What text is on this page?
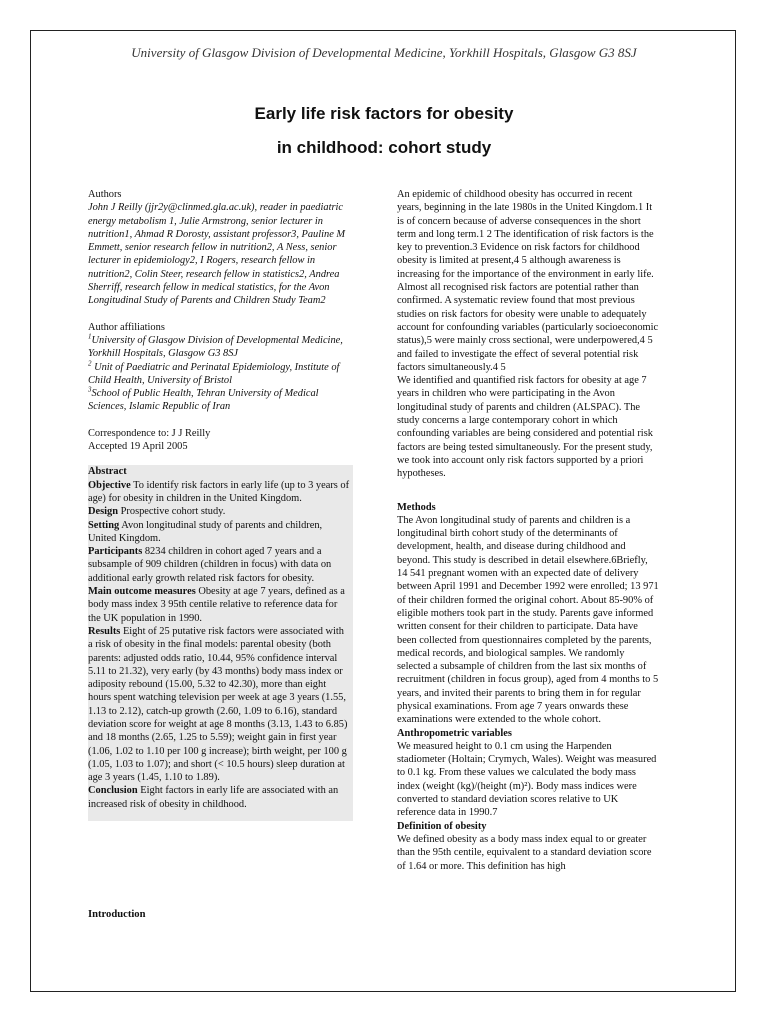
University of Glasgow Division of Developmental Medicine, Yorkhill Hospitals, Glasgow G3 8SJ
Early life risk factors for obesity
in childhood: cohort study

Authors

John J Reilly (jjr2y@clinmed.gla.ac.uk), reader in paediatric energy metabolism 1, Julie Armstrong, senior lecturer in nutrition1, Ahmad R Dorosty, assistant professor3, Pauline M Emmett, senior research fellow in nutrition2, A Ness, senior lecturer in epidemiology2, I Rogers, research fellow in nutrition2, Colin Steer, research fellow in statistics2, Andrea Sherriff, research fellow in medical statistics, for the Avon Longitudinal Study of Parents and Children Study Team2

Author affiliations

$^1$University of Glasgow Division of Developmental Medicine, Yorkhill Hospitals, Glasgow G3 8SJ

$^2$ Unit of Paediatric and Perinatal Epidemiology, Institute of Child Health, University of Bristol

$^3$School of Public Health, Tehran University of Medical Sciences, Islamic Republic of Iran

Correspondence to: J J Reilly

Accepted 19 April 2005

Abstract

Objective To identify risk factors in early life (up to 3 years of age) for obesity in children in the United Kingdom.

Design Prospective cohort study.

Setting Avon longitudinal study of parents and children, United Kingdom.

Participants 8234 children in cohort aged 7 years and a subsample of 909 children (children in focus) with data on additional early growth related risk factors for obesity.

Main outcome measures Obesity at age 7 years, defined as a body mass index 3 95th centile relative to reference data for the UK population in 1990.

Results Eight of 25 putative risk factors were associated with a risk of obesity in the final models: parental obesity (both parents: adjusted odds ratio, 10.44, 95% confidence interval 5.11 to 21.32), very early (by 43 months) body mass index or adiposity rebound (15.00, 5.32 to 42.30), more than eight hours spent watching television per week at age 3 years (1.55, 1.13 to 2.12), catch-up growth (2.60, 1.09 to 6.16), standard deviation score for weight at age 8 months (3.13, 1.43 to 6.85) and 18 months (2.65, 1.25 to 5.59); weight gain in first year (1.06, 1.02 to 1.10 per 100 g increase); birth weight, per 100 g (1.05, 1.03 to 1.07); and short (< 10.5 hours) sleep duration at age 3 years (1.45, 1.10 to 1.89).

Conclusion Eight factors in early life are associated with an increased risk of obesity in childhood.

Introduction

An epidemic of childhood obesity has occurred in recent years, beginning in the late 1980s in the United Kingdom.1 It is of concern because of adverse consequences in the short term and long term.1 2 The identification of risk factors is the key to prevention.3 Evidence on risk factors for childhood obesity is limited at present,4 5 although awareness is increasing for the importance of the environment in early life. Almost all recognised risk factors are potential rather than confirmed. A systematic review found that most previous studies on risk factors for obesity were unable to adequately account for confounding variables (particularly socioeconomic status),5 were mainly cross sectional, were underpowered,4 5 and failed to investigate the effect of several potential risk factors simultaneously.4 5

We identified and quantified risk factors for obesity at age 7 years in children who were participating in the Avon longitudinal study of parents and children (ALSPAC). The study concerns a large contemporary cohort in which confounding variables are being considered and potential risk factors are being tested simultaneously. For the present study, we took into account only risk factors supported by a priori hypotheses.

Methods

The Avon longitudinal study of parents and children is a longitudinal birth cohort study of the determinants of development, health, and disease during childhood and beyond. This study is described in detail elsewhere.6Briefly, 14 541 pregnant women with an expected date of delivery between April 1991 and December 1992 were enrolled; 13 971 of their children formed the original cohort. About 85-90% of eligible mothers took part in the study. Parents gave informed written consent for their children to participate. Data have been collected from questionnaires completed by the parents, medical records, and biological samples. We randomly selected a subsample of children from the last six months of recruitment (children in focus group), aged from 4 months to 5 years, and invited their parents to bring them in for regular physical examinations. From age 7 years onwards these examinations were extended to the whole cohort.

Anthropometric variables

We measured height to 0.1 cm using the Harpenden stadiometer (Holtain; Crymych, Wales). Weight was measured to 0.1 kg. From these values we calculated the body mass index (weight (kg)/(height (m)²). Body mass indices were converted to standard deviation scores relative to UK reference data in 1990.7

Definition of obesity

We defined obesity as a body mass index equal to or greater than the 95th centile, equivalent to a standard deviation score of 1.64 or more. This definition has high
